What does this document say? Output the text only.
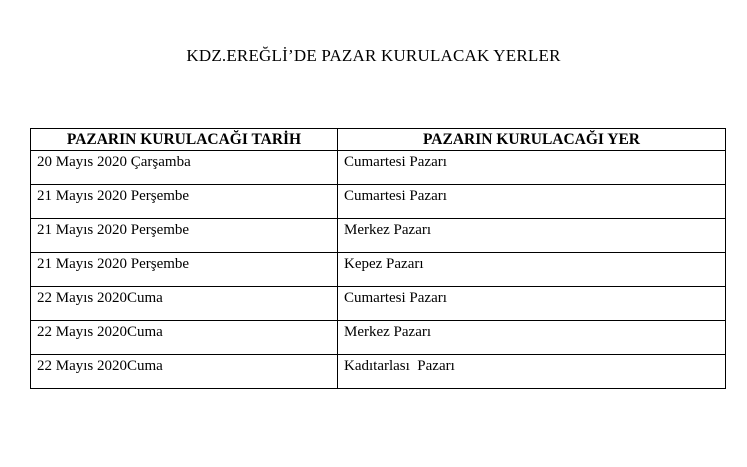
KDZ.EREĞLİ’DE PAZAR KURULACAK YERLER
PAZARIN KURULACAĞI TARİH	PAZARIN KURULACAĞI YER
20 Mayıs 2020 Çarşamba	Cumartesi Pazarı
21 Mayıs 2020 Perşembe	Cumartesi Pazarı
21 Mayıs 2020 Perşembe	Merkez Pazarı
21 Mayıs 2020 Perşembe	Kepez Pazarı
22 Mayıs 2020Cuma	Cumartesi Pazarı
22 Mayıs 2020Cuma	Merkez Pazarı
22 Mayıs 2020Cuma	Kadıtarlası  Pazarı
